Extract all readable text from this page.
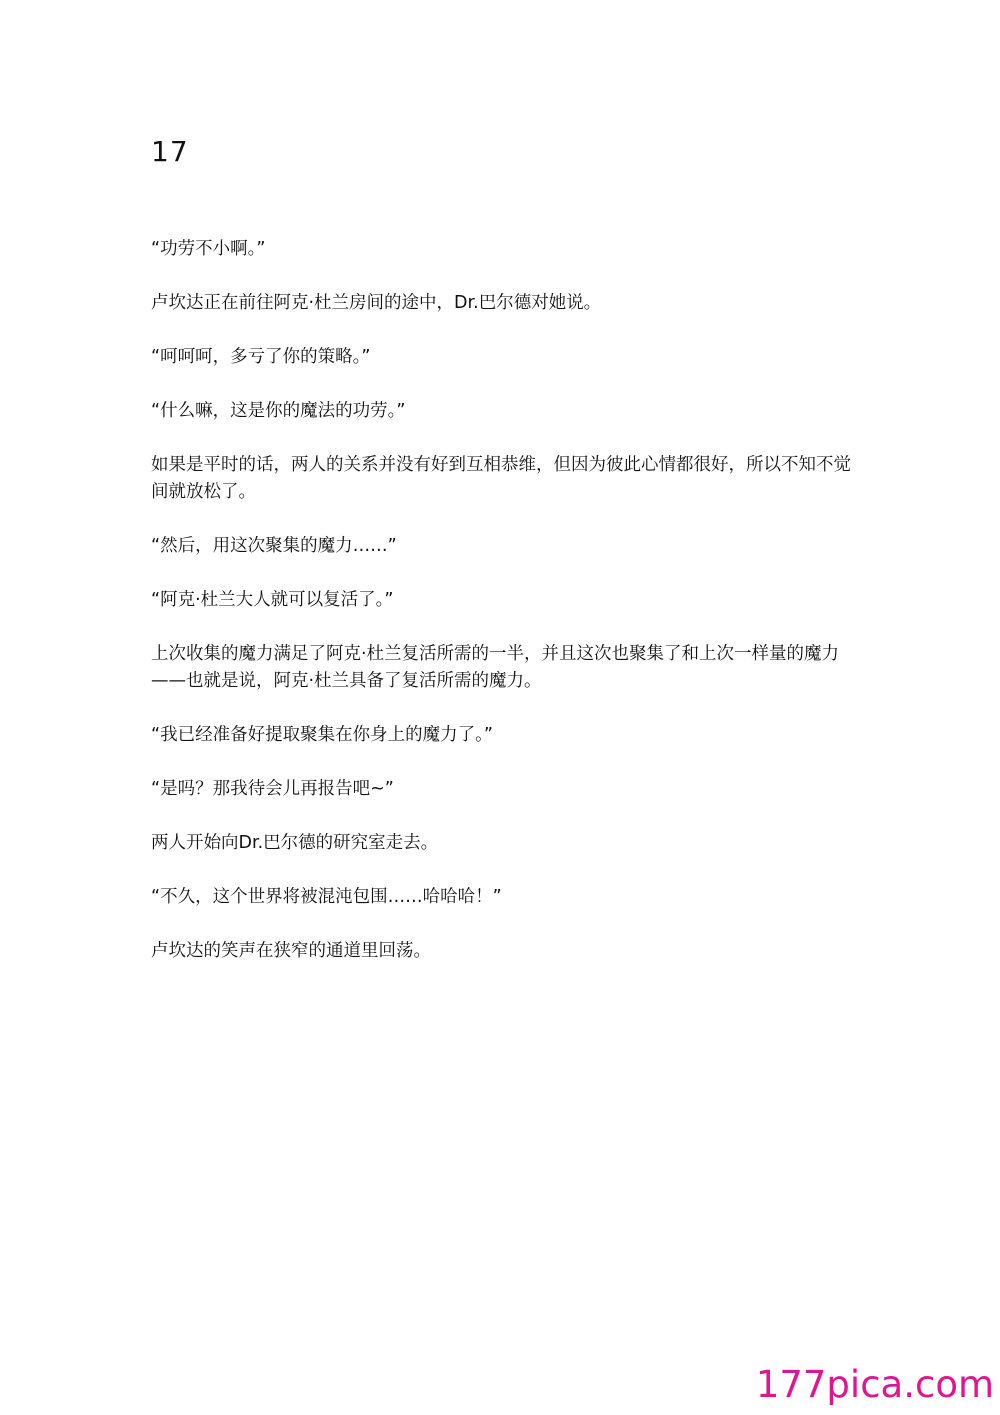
17

“功劳不小啊。”

卢坎达正在前往阿克·杜兰房间的途中，Dr.巴尔德对她说。

“呵呵呵，多亏了你的策略。”

“什么嘛，这是你的魔法的功劳。”

如果是平时的话，两人的关系并没有好到互相恭维，但因为彼此心情都很好，所以不知不觉间就放松了。

“然后，用这次聚集的魔力……”

“阿克·杜兰大人就可以复活了。”

上次收集的魔力满足了阿克·杜兰复活所需的一半，并且这次也聚集了和上次一样量的魔力——也就是说，阿克·杜兰具备了复活所需的魔力。

“我已经准备好提取聚集在你身上的魔力了。”

“是吗？那我待会儿再报告吧~”

两人开始向Dr.巴尔德的研究室走去。

“不久，这个世界将被混沌包围……哈哈哈！”

卢坎达的笑声在狭窄的通道里回荡。

177pica.com
